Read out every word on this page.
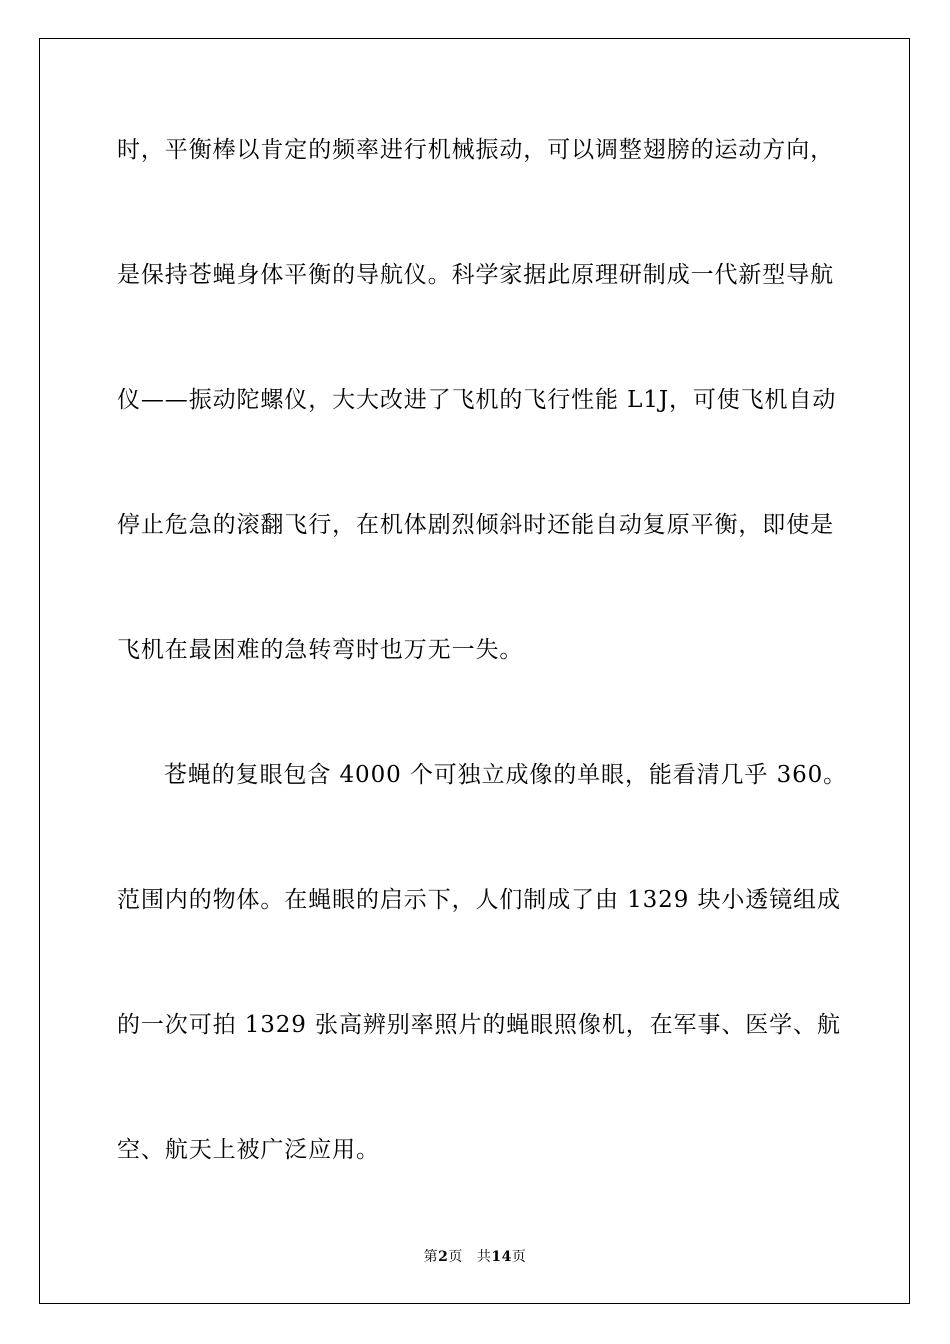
时，平衡棒以肯定的频率进行机械振动，可以调整翅膀的运动方向，
是保持苍蝇身体平衡的导航仪。科学家据此原理研制成一代新型导航
仪——振动陀螺仪，大大改进了飞机的飞行性能 L1J，可使飞机自动
停止危急的滚翻飞行，在机体剧烈倾斜时还能自动复原平衡，即使是
飞机在最困难的急转弯时也万无一失。
苍蝇的复眼包含 4000 个可独立成像的单眼，能看清几乎 360。
范围内的物体。在蝇眼的启示下，人们制成了由 1329 块小透镜组成
的一次可拍 1329 张高辨别率照片的蝇眼照像机，在军事、医学、航
空、航天上被广泛应用。
第2页 共14页
